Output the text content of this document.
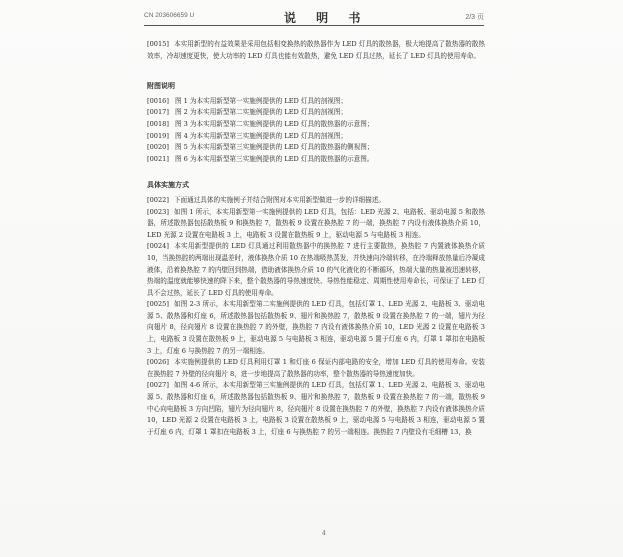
CN 203606659 U	说 明 书	2/3 页

[0015] 本实用新型的有益效果是采用包括相变换热的散热器作为 LED 灯具的散热器，极大地提高了散热器的散热效率，冷却速度更快，使大功率的 LED 灯具也能有效散热，避免 LED 灯具过热，延长了 LED 灯具的使用寿命。

附图说明

[0016] 图 1 为本实用新型第一实施例提供的 LED 灯具的剖视图；

[0017] 图 2 为本实用新型第二实施例提供的 LED 灯具的剖视图；

[0018] 图 3 为本实用新型第二实施例提供的 LED 灯具的散热器的示意图；

[0019] 图 4 为本实用新型第三实施例提供的 LED 灯具的剖视图；

[0020] 图 5 为本实用新型第三实施例提供的 LED 灯具的散热器的侧视图；

[0021] 图 6 为本实用新型第三实施例提供的 LED 灯具的散热器的示意图。

具体实施方式

[0022] 下面通过具体的实施例子并结合附图对本实用新型做进一步的详细描述。

[0023] 如图 1 所示，本实用新型第一实施例提供的 LED 灯具，包括：LED 光源 2、电路板、驱动电源 5 和散热器，所述散热器包括散热板 9 和换热腔 7，散热板 9 设置在换热腔 7 的一端，换热腔 7 内设有液体换热介质 10，LED 光源 2 设置在电路板 3 上，电路板 3 设置在散热板 9 上，驱动电源 5 与电路板 3 相连。

[0024] 本实用新型提供的 LED 灯具通过利用散热器中的换热腔 7 进行主要散热，换热腔 7 内置液体换热介质 10，当换热腔的两端出现温差时，液体换热介质 10 在热端吸热蒸发，并快速向冷端转移，在冷端释放热量后冷凝成液体，沿着换热腔 7 的内壁回到热端，借助液体换热介质 10 的气化液化的不断循环，热端大量的热量被迅速转移，热端的温度就能够快速的降下来，整个散热器的导热速度快、导热性能稳定、周期性使用寿命长，可保证了 LED 灯具不会过热，延长了 LED 灯具的使用寿命。

[0025] 如图 2-3 所示，本实用新型第二实施例提供的 LED 灯具，包括灯罩 1、LED 光源 2、电路板 3、驱动电源 5、散热器和灯座 6，所述散热器包括散热板 9、翅片和换热腔 7，散热板 9 设置在换热腔 7 的一端，翅片为径向翅片 8，径向翅片 8 设置在换热腔 7 的外壁，换热腔 7 内设有液体换热介质 10，LED 光源 2 设置在电路板 3 上，电路板 3 设置在散热板 9 上，驱动电源 5 与电路板 3 相连，驱动电源 5 置于灯座 6 内，灯罩 1 罩扣在电路板 3 上，灯座 6 与换热腔 7 的另一端相连。

[0026] 本实施例提供的 LED 灯具利用灯罩 1 和灯座 6 保证内部电路的安全，增加 LED 灯具的使用寿命。安装在换热腔 7 外壁的径向翅片 8，进一步地提高了散热器的功率，整个散热器的导热速度加快。

[0027] 如图 4-6 所示，本实用新型第三实施例提供的 LED 灯具，包括灯罩 1、LED 光源 2、电路板 3、驱动电源 5、散热器和灯座 6，所述散热器包括散热板 9、翅片和换热腔 7，散热板 9 设置在换热腔 7 的一端，散热板 9 中心向电路板 3 方向凹陷，翅片为径向翅片 8，径向翅片 8 设置在换热腔 7 的外壁，换热腔 7 内设有液体换热介质 10，LED 光源 2 设置在电路板 3 上，电路板 3 设置在散热板 9 上，驱动电源 5 与电路板 3 相连，驱动电源 5 置于灯座 6 内，灯罩 1 罩扣在电路板 3 上，灯座 6 与换热腔 7 的另一端相连。换热腔 7 内壁设有毛细槽 13，换

4
